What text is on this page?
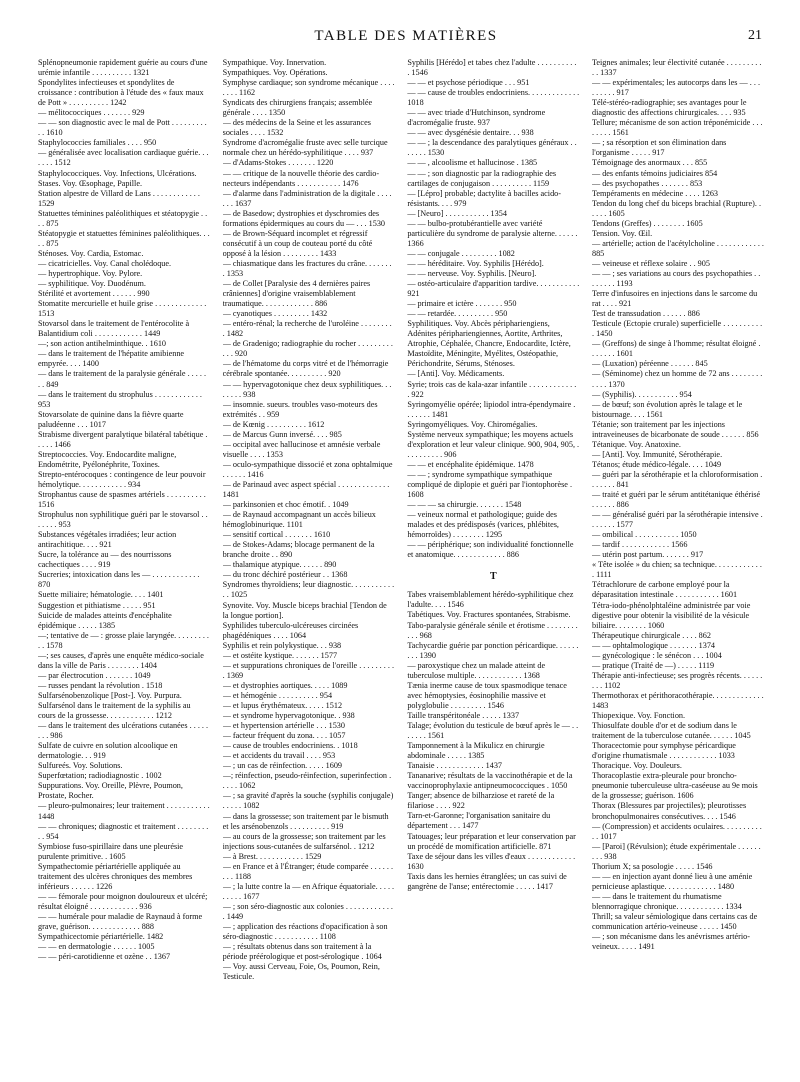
TABLE DES MATIÈRES	21

Splénopneumonie rapidement guérie au cours d'une urémie infantile . . . . . . . . . . 1321

Spondylites infectieuses et spondylites de croissance : contribution à l'étude des « faux maux de Pott » . . . . . . . . . . 1242

— mélitococciques . . . . . . . 929

— — son diagnostic avec le mal de Pott . . . . . . . . . . . 1610

Staphylococcies familiales . . . . 950

— généralisée avec localisation cardiaque guérie. . . . . . . 1512

Staphylococciques. Voy. Infections, Ulcérations.

Stases. Voy. Œsophage, Papille.

Station alpestre de Villard de Lans . . . . . . . . . . . . 1529

Statuettes téminines paléolithiques et stéatopygie . . . . 875

Stéatopygie et statuettes féminines paléolithiques. . . . . 875

Sténoses. Voy. Cardia, Estomac.

— cicatricielles. Voy. Canal cholédoque.

— hypertrophique. Voy. Pylore.

— syphilitique. Voy. Duodénum.

Stérilité et avortement . . . . . . 990

Stomatite mercurielle et huile grise . . . . . . . . . . . . . 1513

Stovarsol dans le traitement de l'entérocolite à Balantidium coli . . . . . . . . . . . . 1449

—; son action antihelminthique. . 1610

— dans le traitement de l'hépatite amibienne empyrée. . . . 1400

— dans le traitement de la paralysie générale . . . . . . . 849

— dans le traitement du strophulus . . . . . . . . . . . . 953

Stovarsolate de quinine dans la fièvre quarte paludéenne . . . 1017

Strabisme divergent paralytique bilatéral tabétique . . . . . 1466

Streptococcies. Voy. Endocardite maligne, Endométrite, Pyélonéphrite, Toxines.

Strepto-entérocoques : contingence de leur pouvoir hémolytique. . . . . . . . . . . . 934

Strophantus cause de spasmes artériels . . . . . . . . . . 1516

Strophulus non syphilitique guéri par le stovarsol . . . . . . . 953

Substances végétales irradiées; leur action antirachitique. . . . 921

Sucre, la tolérance au — des nourrissons cachectiques . . . . 919

Sucreries; intoxication dans les — . . . . . . . . . . . . 870

Suette miliaire; hématologie. . . . 1401

Suggestion et pithiatisme . . . . . 951

Suicide de malades atteints d'encéphalite épidémique . . . . . 1385

—; tentative de — : grosse plaie laryngée. . . . . . . . . . . 1578

—; ses causes, d'après une enquête médico-sociale dans la ville de Paris . . . . . . . . 1404

— par électrocution . . . . . . . 1049

— russes pendant la révolution . 1518

Sulfarsénobenzolique [Post-]. Voy. Purpura.

Sulfarsénol dans le traitement de la syphilis au cours de la grossesse. . . . . . . . . . . . 1212

— dans le traitement des ulcérations cutanées . . . . . . . . 986

Sulfate de cuivre en solution alcoolique en dermatologie. . . 919

Sulfureés. Voy. Solutions.

Superfœtation; radiodiagnostic . 1002

Suppurations. Voy. Oreille, Plèvre, Poumon, Prostate, Rocher.

— pleuro-pulmonaires; leur traitement . . . . . . . . . . . 1448

— — chroniques; diagnostic et traitement . . . . . . . . . . 954

Symbiose fuso-spirillaire dans une pleurésie purulente primitive. . 1605

Sympathectomie périartérielle appliquée au traitement des ulcères chroniques des membres inférieurs . . . . . . 1226

— — fémorale pour moignon douloureux et ulcéré; résultat éloigné . . . . . . . . . . . . 936

— — humérale pour maladie de Raynaud à forme grave, guérison. . . . . . . . . . . . . 888

Sympathicectomie périartérielle. 1482

— — en dermatologie . . . . . . 1005

— — péri-carotidienne et ozène . . 1367

Sympathique. Voy. Innervation.

Sympathiques. Voy. Opérations.

Symphyse cardiaque; son syndrome mécanique . . . . . . . . 1162

Syndicats des chirurgiens français; assemblée générale . . . . 1350

— des médecins de la Seine et les assurances sociales . . . . 1532

Syndrome d'acromégalie fruste avec selle turcique normale chez un hérédo-syphilitique . . . . 937

— d'Adams-Stokes . . . . . . . 1220

— — critique de la nouvelle théorie des cardio-necteurs indépendants . . . . . . . . . . . 1476

— d'alarme dans l'administration de la digitale . . . . . . . 1637

— de Basedow; dystrophies et dyschromies des formations épidermiques au cours du — . . . 1530

— de Brown-Séquard incomplet et régressif consécutif à un coup de couteau porté du côté opposé à la lésion . . . . . . . . . 1433

— chiasmatique dans les fractures du crâne. . . . . . . . 1353

— de Collet [Paralysie des 4 dernières paires crâniennes] d'origine vraisemblablement traumatique. . . . . . . . . . . . . 886

— cyanotiques . . . . . . . . . 1432

— entéro-rénal; la recherche de l'uroléine . . . . . . . . . 1482

— de Gradenigo; radiographie du rocher . . . . . . . . . . . . 920

— de l'hématome du corps vitré et de l'hémorragie cérébrale spontanée. . . . . . . . . . 920

— — hypervagotonique chez deux syphilitiques. . . . . . . . 938

— insomnie. sueurs. troubles vaso-moteurs des extrémités . . 959

— de Kœnig . . . . . . . . . . 1612

— de Marcus Gunn inversé. . . . 985

— occipital avec hallucinose et amnésie verbale visuelle . . . . 1353

— oculo-sympathique dissocié et zona ophtalmique . . . . . . 1416

— de Parinaud avec aspect spécial . . . . . . . . . . . . . 1481

— parkinsonien et choc émotif. . 1049

— de Raynaud accompagnant un accès bilieux hémoglobinurique. 1101

— sensitif cortical . . . . . . . 1610

— de Stokes-Adams; blocage permanent de la branche droite . . 890

— thalamique atypique. . . . . . 890

— du tronc déchiré postérieur . . 1368

Syndromes thyroïdiens; leur diagnostic. . . . . . . . . . . . . 1025

Synovite. Voy. Muscle biceps brachial [Tendon de la longue portion].

Syphilides tuberculo-ulcéreuses circinées phagédéniques . . . . 1064

Syphilis et rein polykystique. . . 938

— et ostéite kystique. . . . . . . 1577

— et suppurations chroniques de l'oreille . . . . . . . . . . 1369

— et dystrophies aortiques. . . . . 1089

— et hémogénie . . . . . . . . . . 954

— et lupus érythémateux. . . . . 1512

— et syndrome hypervagotonique. . 938

— et hypertension artérielle . . . 1530

— facteur fréquent du zona. . . . 1057

— cause de troubles endocriniens. . 1018

— et accidents du travail . . . . 953

— ; un cas de réinfection. . . . . 1609

—; réinfection, pseudo-réinfection, superinfection . . . . . 1062

— ; sa gravité d'après la souche (syphilis conjugale) . . . . . 1082

— dans la grossesse; son traitement par le bismuth et les arsénobenzols . . . . . . . . . . 919

— au cours de la grossesse; son traitement par les injections sous-cutanées de sulfarsénol. . 1212

— à Brest. . . . . . . . . . . . 1529

— en France et à l'Étranger; étude comparée . . . . . . . . . 1188

— ; la lutte contre la — en Afrique équatoriale. . . . . . . . . . 1677

— ; son séro-diagnostic aux colonies . . . . . . . . . . . . . 1449

— ; application des réactions d'opacification à son séro-diagnostic . . . . . . . . . . . 1108

— ; résultats obtenus dans son traitement à la période préérologique et post-sérologique . 1064

— Voy. aussi Cerveau, Foie, Os, Poumon, Rein, Testicule.

Syphilis [Hérédo] et tabes chez l'adulte . . . . . . . . . . . 1546

— — et psychose périodique . . . 951

— — cause de troubles endocriniens. . . . . . . . . . . . . 1018

— — avec triade d'Hutchinson, syndrome d'acromégalie fruste. 937

— — avec dysgénésie dentaire. . . 938

— — ; la descendance des paralytiques généraux . . . . . . . 1530

— — , alcoolisme et hallucinose . 1385

— — ; son diagnostic par la radiographie des cartilages de conjugaison . . . . . . . . . . 1159

— [Lépro] probable; dactylite à bacilles acido-résistants. . . . 979

— [Neuro] . . . . . . . . . . . 1354

— — bulbo-protubérantielle avec variété particulière du syndrome de paralysie alterne. . . . . . 1366

— — conjugale . . . . . . . . . 1082

— — héréditaire. Voy. Syphilis [Hérédo].

— — nerveuse. Voy. Syphilis. [Neuro].

— ostéo-articulaire d'apparition tardive. . . . . . . . . . . 921

— primaire et ictère . . . . . . . 950

— — retardée. . . . . . . . . . 950

Syphilitiques. Voy. Abcès périphariengiens, Adénites périphariengiennes, Aortite, Arthrites, Atrophie, Céphalée, Chancre, Endocardite, Ictère, Mastoïdite, Méningite, Myélites, Ostéopathie, Périchondrite, Sérums, Sténoses.

— [Anti]. Voy. Médicaments.

Syrie; trois cas de kala-azar infantile . . . . . . . . . . . . . 922

Syringomyélie opérée; lipiodol intra-épendymaire . . . . . . . 1481

Syringomyéliques. Voy. Chiromégalies.

Système nerveux sympathique; les moyens actuels d'exploration et leur valeur clinique. 900, 904, 905, . . . . . . . . . . 906

— — et encéphalite épidémique. 1478

— — ; syndrome sympathique sympathique compliqué de diplopie et guéri par l'iontophorèse . 1608

— — — sa chirurgie. . . . . . . 1548

— veineux normal et pathologique; guide des malades et des prédisposés (varices, phlébites, hémorroïdes) . . . . . . . . 1295

— — périphérique; son individualité fonctionnelle et anatomique. . . . . . . . . . . . . 886

T

Tabes vraisemblablement hérédo-syphilitique chez l'adulte. . . . 1546

Tabétiques. Voy. Fractures spontanées, Strabisme.

Tabo-paralysie générale sénile et érotisme . . . . . . . . . . . 968

Tachycardie guérie par ponction péricardique. . . . . . . . . 1390

— paroxystique chez un malade atteint de tuberculose multiple. . . . . . . . . . . . 1368

Tænia inerme cause de toux spasmodique tenace avec hémoptysies, éosinophilie massive et polyglobulie . . . . . . . . . 1546

Taille transpéritonéale . . . . . 1337

Talage; évolution du testicule de bœuf après le — . . . . . . . 1561

Tamponnement à la Mikulicz en chirurgie abdominale . . . . . 1385

Tanaisie . . . . . . . . . . . . 1437

Tananarive; résultats de la vaccinothérapie et de la vaccinoprophylaxie antipneumococciques . 1050

Tanger; absence de bilharziose et rareté de la filariose . . . . 922

Tarn-et-Garonne; l'organisation sanitaire du département . . . 1477

Tatouages; leur préparation et leur conservation par un procédé de momification artificielle. 871

Taxe de séjour dans les villes d'eaux . . . . . . . . . . . . 1630

Taxis dans les hernies étranglées; un cas suivi de gangrène de l'anse; entérectomie . . . . . 1417

Teignes animales; leur électivité cutanée . . . . . . . . . . . 1337

— — expérimentales; les autocorps dans les — . . . . . . . . . 917

Télé-stéréo-radiographie; ses avantages pour le diagnostic des affections chirurgicales. . . . 935

Tellure; mécanisme de son action tréponémicide . . . . . . . . 1561

— ; sa résorption et son élimination dans l'organisme . . . . . 917

Témoignage des anormaux . . . 855

— des enfants témoins judiciaires 854

— des psychopathes . . . . . . . 853

Tempéraments en médecine . . . . 1263

Tendon du long chef du biceps brachial (Rupture). . . . . . 1605

Tendons (Greffes) . . . . . . . . 1605

Tension. Voy. Œil.

— artérielle; action de l'acétylcholine . . . . . . . . . . . . 885

— veineuse et réflexe solaire . . 905

— — ; ses variations au cours des psychopathies . . . . . . . . 1193

Terre d'infusoires en injections dans le sarcome du rat . . . . 921

Test de transsudation . . . . . . 886

Testicule (Ectopie crurale) superficielle . . . . . . . . . . . 1450

— (Greffons) de singe à l'homme; résultat éloigné . . . . . . . 1601

— (Luxation) péréenne . . . . . . 845

— (Séminome) chez un homme de 72 ans . . . . . . . . . . . . 1370

— (Syphilis). . . . . . . . . . . 954

— de bœuf; son évolution après le talage et le bistournage. . . . 1561

Tétanie; son traitement par les injections intraveineuses de bicarbonate de soude . . . . . . 856

Tétanique. Voy. Anatoxine.

— [Anti]. Voy. Immunité, Sérothérapie.

Tétanos; étude médico-légale. . . . 1049

— guéri par la sérothérapie et la chloroformisation . . . . . . . 841

— traité et guéri par le sérum antitétanique éthérisé . . . . . . 886

— — généralisé guéri par la sérothérapie intensive . . . . . . . 1577

— ombilical . . . . . . . . . . . 1050

— tardif . . . . . . . . . . . . 1566

— utérin post partum. . . . . . . 917

« Tête isolée » du chien; sa technique. . . . . . . . . . . . . 1111

Tétrachlorure de carbone employé pour la déparasitation intestinale . . . . . . . . . . . 1601

Tétra-iodo-phénolphtaléine administrée par voie digestive pour obtenir la visibilité de la vésicule biliaire. . . . . . . . 1060

Thérapeutique chirurgicale . . . . 862

— — ophtalmologique . . . . . . . 1374

— gynécologique : le sénécon . . . 1004

— pratique (Traité de —) . . . . . 1119

Thérapie anti-infectieuse; ses progrès récents. . . . . . . . . 1102

Thermothorax et périthoracothérapie. . . . . . . . . . . . . 1483

Thiopexique. Voy. Fonction.

Thiosulfate double d'or et de sodium dans le traitement de la tuberculose cutanée. . . . . . 1045

Thoracectomie pour symphyse péricardique d'origine rhumatismale . . . . . . . . . . . . 1033

Thoracique. Voy. Douleurs.

Thoracoplastie extra-pleurale pour broncho-pneumonie tuberculeuse ultra-caséeuse au 9e mois de la grossesse; guérison. 1606

Thorax (Blessures par projectiles); pleurotisses bronchopulmonaires consécutives. . . . 1546

— (Compression) et accidents oculaires. . . . . . . . . . . . 1017

— [Paroi] (Révulsion); étude expérimentale . . . . . . . . . 938

Thorium X; sa posologie . . . . . 1546

— — en injection ayant donné lieu à une aménie pernicieuse aplastique. . . . . . . . . . . . . 1480

— — dans le traitement du rhumatisme blennorragique chronique. . . . . . . . . . . . 1334

Thrill; sa valeur sémiologique dans certains cas de communication artério-veineuse . . . . . 1450

— ; son mécanisme dans les anévrismes artério-veineux. . . . . 1491
